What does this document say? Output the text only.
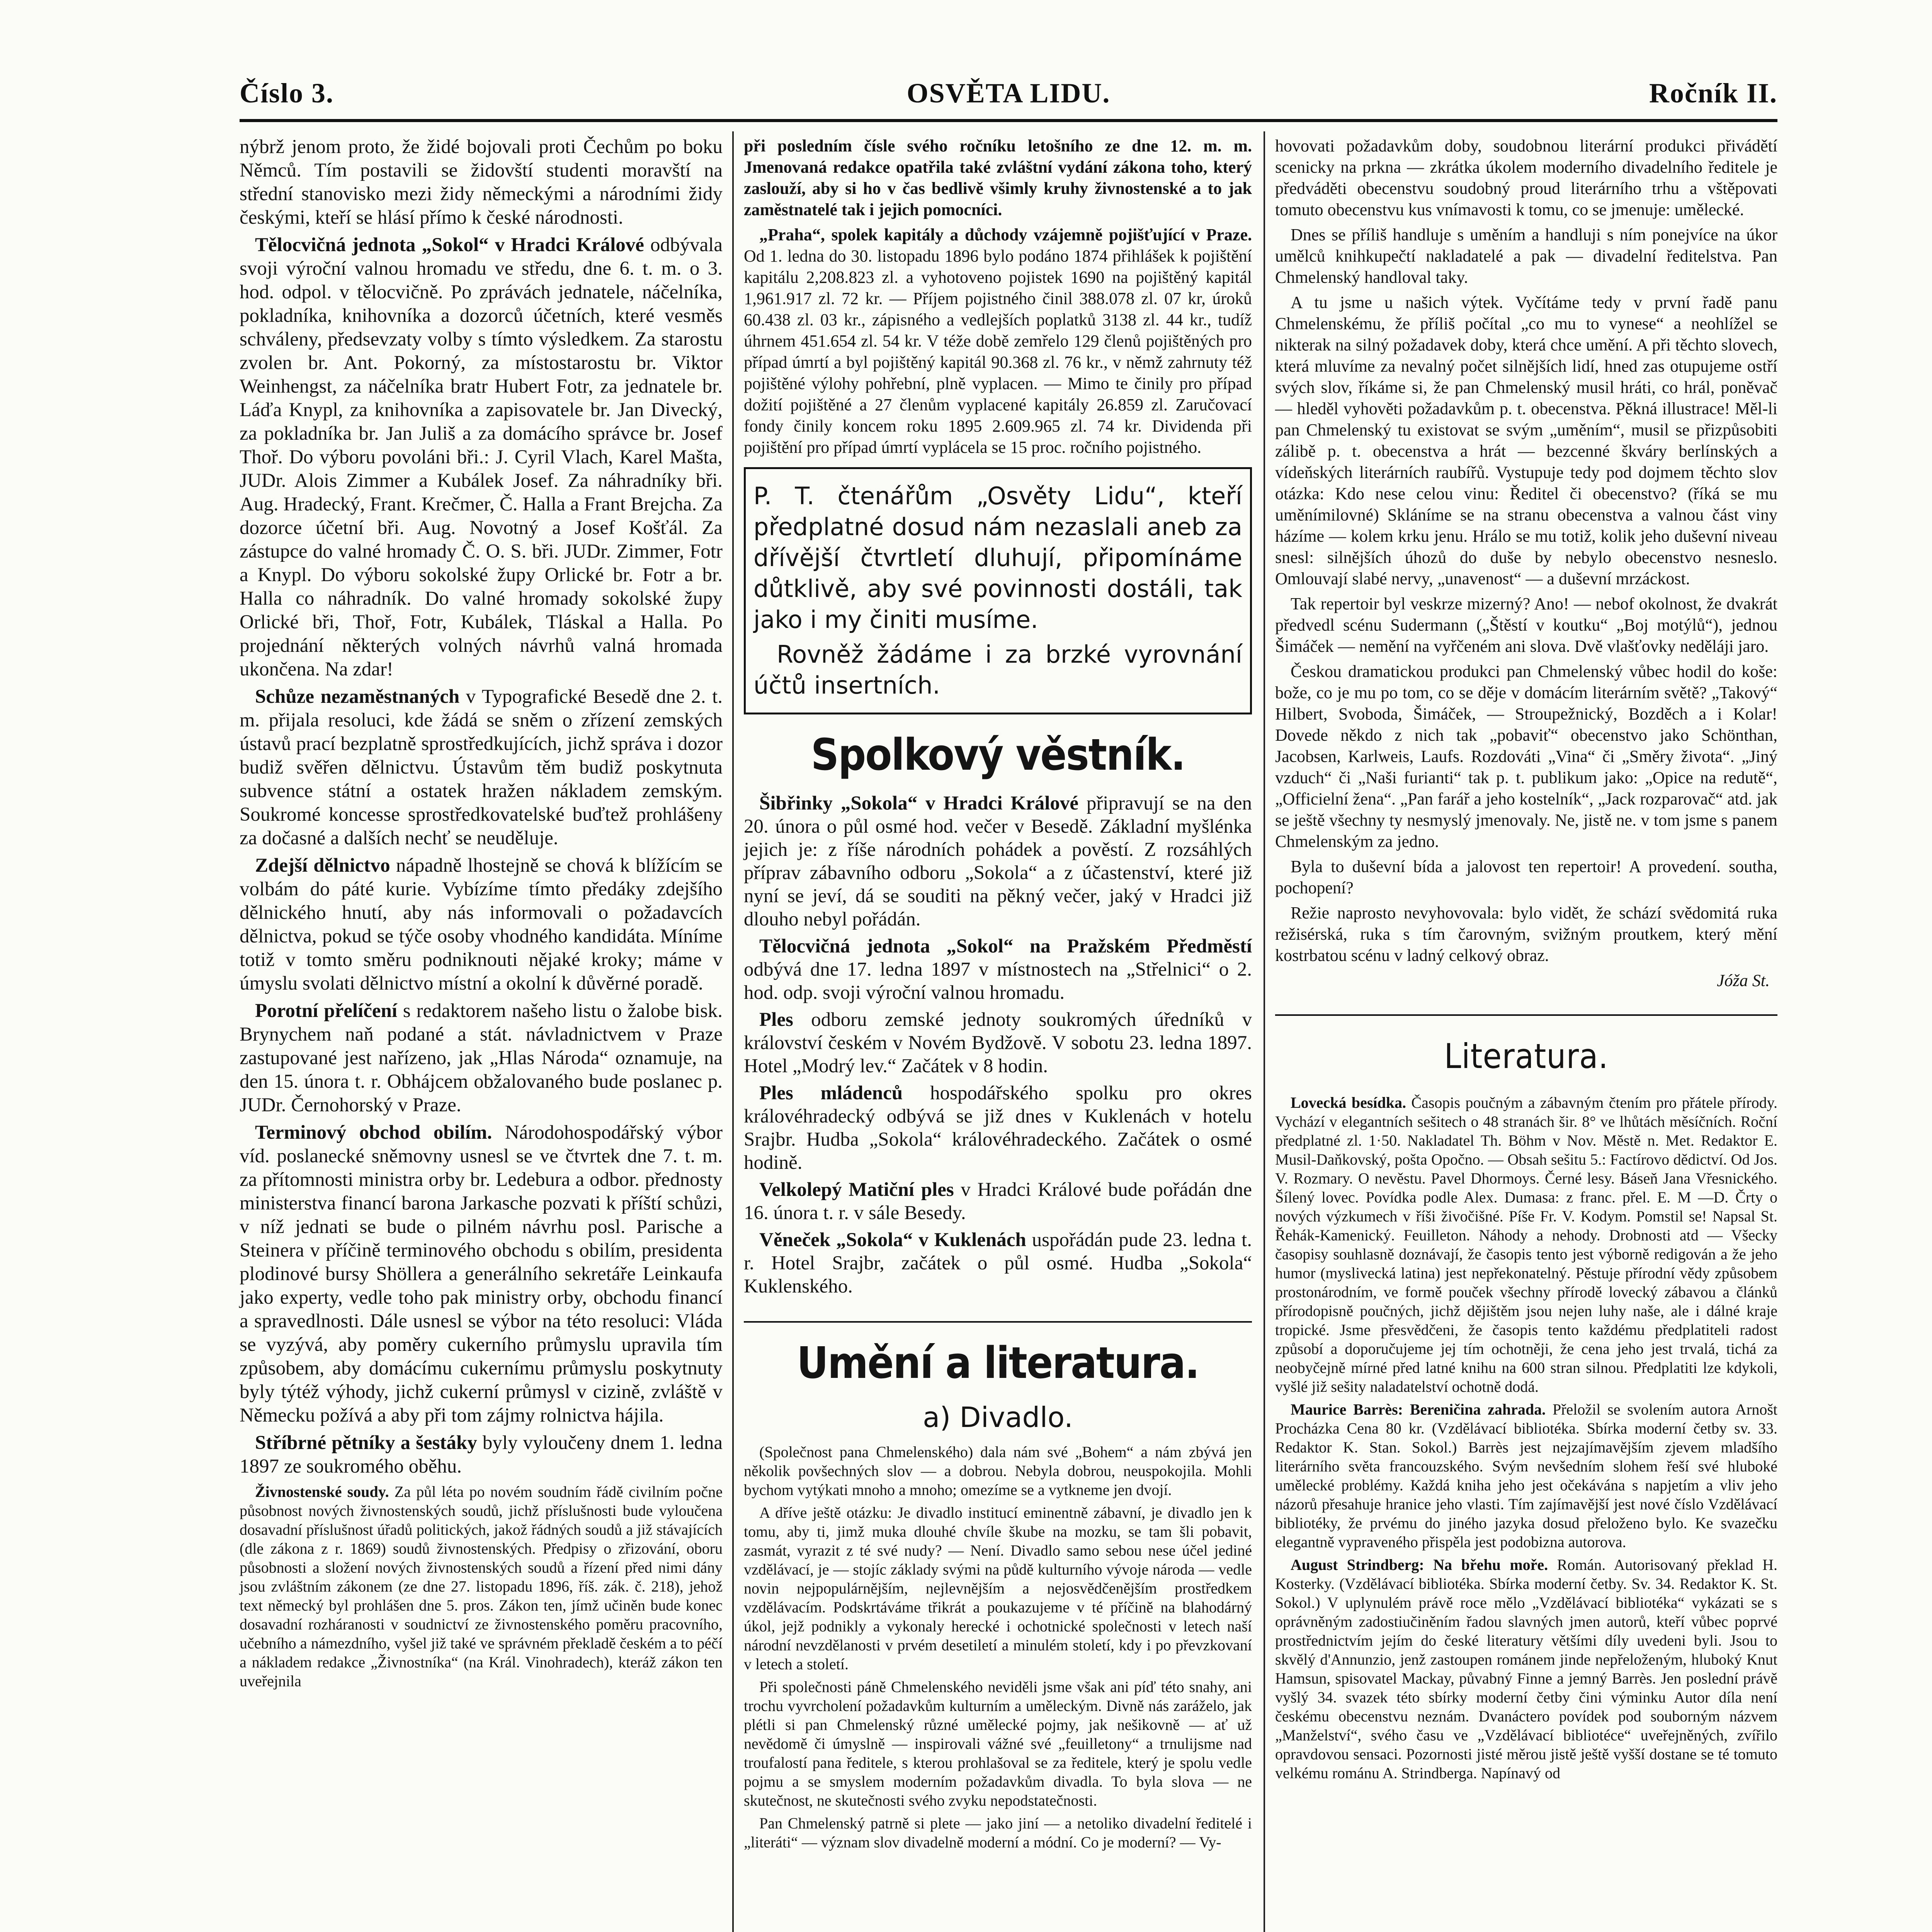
Číslo 3.	OSVĚTA LIDU.	Ročník II.

nýbrž jenom proto, že židé bojovali proti Čechům po boku Němců. Tím postavili se židovští studenti moravští na střední stanovisko mezi židy německými a národními židy českými, kteří se hlásí přímo k české národnosti.

Tělocvičná jednota „Sokol“ v Hradci Králové odbývala svoji výroční valnou hromadu ve středu, dne 6. t. m. o 3. hod. odpol. v tělocvičně. Po zprávách jednatele, náčelníka, pokladníka, knihovníka a dozorců účetních, které vesměs schváleny, předsevzaty volby s tímto výsledkem. Za starostu zvolen br. Ant. Pokorný, za místostarostu br. Viktor Weinhengst, za náčelníka bratr Hubert Fotr, za jednatele br. Láďa Knypl, za knihovníka a zapisovatele br. Jan Divecký, za pokladníka br. Jan Juliš a za domácího správce br. Josef Thoř. Do výboru povoláni bři.: J. Cyril Vlach, Karel Mašta, JUDr. Alois Zimmer a Kubálek Josef. Za náhradníky bři. Aug. Hradecký, Frant. Krečmer, Č. Halla a Frant Brejcha. Za dozorce účetní bři. Aug. Novotný a Josef Košťál. Za zástupce do valné hromady Č. O. S. bři. JUDr. Zimmer, Fotr a Knypl. Do výboru sokolské župy Orlické br. Fotr a br. Halla co náhradník. Do valné hromady sokolské župy Orlické bři, Thoř, Fotr, Kubálek, Tláskal a Halla. Po projednání některých volných návrhů valná hromada ukončena. Na zdar!

Schůze nezaměstnaných v Typografické Besedě dne 2. t. m. přijala resoluci, kde žádá se sněm o zřízení zemských ústavů prací bezplatně sprostředkujících, jichž správa i dozor budiž svěřen dělnictvu. Ústavům těm budiž poskytnuta subvence státní a ostatek hražen nákladem zemským. Soukromé koncesse sprostředkovatelské buďtež prohlášeny za dočasné a dalších nechť se neuděluje.

Zdejší dělnictvo nápadně lhostejně se chová k blížícím se volbám do páté kurie. Vybízíme tímto předáky zdejšího dělnického hnutí, aby nás informovali o požadavcích dělnictva, pokud se týče osoby vhodného kandidáta. Míníme totiž v tomto směru podniknouti nějaké kroky; máme v úmyslu svolati dělnictvo místní a okolní k důvěrné poradě.

Porotní přelíčení s redaktorem našeho listu o žalobe bisk. Brynychem naň podané a stát. návladnictvem v Praze zastupované jest nařízeno, jak „Hlas Národa“ oznamuje, na den 15. února t. r. Obhájcem obžalovaného bude poslanec p. JUDr. Černohorský v Praze.

Terminový obchod obilím. Národohospodářský výbor víd. poslanecké sněmovny usnesl se ve čtvrtek dne 7. t. m. za přítomnosti ministra orby br. Ledebura a odbor. přednosty ministerstva financí barona Jarkasche pozvati k příští schůzi, v níž jednati se bude o pilném návrhu posl. Parische a Steinera v příčině terminového obchodu s obilím, presidenta plodinové bursy Shöllera a generálního sekretáře Leinkaufa jako experty, vedle toho pak ministry orby, obchodu financí a spravedlnosti. Dále usnesl se výbor na této resoluci: Vláda se vyzývá, aby poměry cukerního průmyslu upravila tím způsobem, aby domácímu cukernímu průmyslu poskytnuty byly týtéž výhody, jichž cukerní průmysl v cizině, zvláště v Německu požívá a aby při tom zájmy rolnictva hájila.

Stříbrné pětníky a šestáky byly vyloučeny dnem 1. ledna 1897 ze soukromého oběhu.

Živnostenské soudy. Za půl léta po novém soudním řádě civilním počne působnost nových živnostenských soudů, jichž příslušnosti bude vyloučena dosavadní příslušnost úřadů politických, jakož řádných soudů a již stávajících (dle zákona z r. 1869) soudů živnostenských. Předpisy o zřizování, oboru působnosti a složení nových živnostenských soudů a řízení před nimi dány jsou zvláštním zákonem (ze dne 27. listopadu 1896, říš. zák. č. 218), jehož text německý byl prohlášen dne 5. pros. Zákon ten, jímž učiněn bude konec dosavadní rozháranosti v soudnictví ze živnostenského poměru pracovního, učebního a námezdního, vyšel již také ve správném překladě českém a to péčí a nákladem redakce „Živnostníka“ (na Král. Vinohradech), kteráž zákon ten uveřejnila

při posledním čísle svého ročníku letošního ze dne 12. m. m. Jmenovaná redakce opatřila také zvláštní vydání zákona toho, který zaslouží, aby si ho v čas bedlivě všimly kruhy živnostenské a to jak zaměstnatelé tak i jejich pomocníci.

„Praha“, spolek kapitály a důchody vzájemně pojišťující v Praze. Od 1. ledna do 30. listopadu 1896 bylo podáno 1874 přihlášek k pojištění kapitálu 2,208.823 zl. a vyhotoveno pojistek 1690 na pojištěný kapitál 1,961.917 zl. 72 kr. — Příjem pojistného činil 388.078 zl. 07 kr, úroků 60.438 zl. 03 kr., zápisného a vedlejších poplatků 3138 zl. 44 kr., tudíž úhrnem 451.654 zl. 54 kr. V téže době zemřelo 129 členů pojištěných pro případ úmrtí a byl pojištěný kapitál 90.368 zl. 76 kr., v němž zahrnuty též pojištěné výlohy pohřební, plně vyplacen. — Mimo te činily pro případ dožití pojištěné a 27 členům vyplacené kapitály 26.859 zl. Zaručovací fondy činily koncem roku 1895 2.609.965 zl. 74 kr. Dividenda při pojištění pro případ úmrtí vyplácela se 15 proc. ročního pojistného.

P. T. čtenářům „Osvěty Lidu“, kteří předplatné dosud nám nezaslali aneb za dřívější čtvrtletí dluhují, připomínáme důtklivě, aby své povinnosti dostáli, tak jako i my činiti musíme.
Rovněž žádáme i za brzké vyrovnání účtů insertních.
Spolkový věstník.

Šibřinky „Sokola“ v Hradci Králové připravují se na den 20. února o půl osmé hod. večer v Besedě. Základní myšlénka jejich je: z říše národních pohádek a pověstí. Z rozsáhlých příprav zábavního odboru „Sokola“ a z účastenství, které již nyní se jeví, dá se souditi na pěkný večer, jaký v Hradci již dlouho nebyl pořádán.

Tělocvičná jednota „Sokol“ na Pražském Předměstí odbývá dne 17. ledna 1897 v místnostech na „Střelnici“ o 2. hod. odp. svoji výroční valnou hromadu.

Ples odboru zemské jednoty soukromých úředníků v království českém v Novém Bydžově. V sobotu 23. ledna 1897. Hotel „Modrý lev.“ Začátek v 8 hodin.

Ples mládenců hospodářského spolku pro okres královéhradecký odbývá se již dnes v Kuklenách v hotelu Srajbr. Hudba „Sokola“ královéhradeckého. Začátek o osmé hodině.

Velkolepý Matiční ples v Hradci Králové bude pořádán dne 16. února t. r. v sále Besedy.

Věneček „Sokola“ v Kuklenách uspořádán pude 23. ledna t. r. Hotel Srajbr, začátek o půl osmé. Hudba „Sokola“ Kuklenského.

Umění a literatura.
a) Divadlo.

(Společnost pana Chmelenského) dala nám své „Bohem“ a nám zbývá jen několik povšechných slov — a dobrou. Nebyla dobrou, neuspokojila. Mohli bychom vytýkati mnoho a mnoho; omezíme se a vytkneme jen dvojí.

A dříve ještě otázku: Je divadlo institucí eminentně zábavní, je divadlo jen k tomu, aby ti, jimž muka dlouhé chvíle škube na mozku, se tam šli pobavit, zasmát, vyrazit z té své nudy? — Není. Divadlo samo sebou nese účel jediné vzdělávací, je — stojíc základy svými na půdě kulturního vývoje národa — vedle novin nejpopulárnějším, nejlevnějším a nejosvědčenějším prostředkem vzdělávacím. Podskrtáváme třikrát a poukazujeme v té příčině na blahodárný úkol, jejž podnikly a vykonaly herecké i ochotnické společnosti v letech naší národní nevzdělanosti v prvém desetiletí a minulém století, kdy i po převzkovaní v letech a století.

Při společnosti páně Chmelenského neviděli jsme však ani píď této snahy, ani trochu vyvrcholení požadavkům kulturním a uměleckým. Divně nás zaráželo, jak plétli si pan Chmelenský různé umělecké pojmy, jak nešikovně — ať už nevědomě či úmyslně — inspirovali vážné své „feuilletony“ a trnulijsme nad troufalostí pana ředitele, s kterou prohlašoval se za ředitele, který je spolu vedle pojmu a se smyslem moderním požadavkům divadla. To byla slova — ne skutečnost, ne skutečnosti svého zvyku nepodstatečnosti.

Pan Chmelenský patrně si plete — jako jiní — a netoliko divadelní ředitelé i „literáti“ — význam slov divadelně moderní a módní. Co je moderní? — Vy-

hovovati požadavkům doby, soudobnou literární produkci přivádětí scenicky na prkna — zkrátka úkolem moderního divadelního ředitele je předváděti obecenstvu soudobný proud literárního trhu a vštěpovati tomuto obecenstvu kus vnímavosti k tomu, co se jmenuje: umělecké.

Dnes se příliš handluje s uměním a handluji s ním ponejvíce na úkor umělců knihkupečtí nakladatelé a pak — divadelní ředitelstva. Pan Chmelenský handloval taky.

A tu jsme u našich výtek. Vyčítáme tedy v první řadě panu Chmelenskému, že příliš počítal „co mu to vynese“ a neohlížel se nikterak na silný požadavek doby, která chce umění. A při těchto slovech, která mluvíme za nevalný počet silnějších lidí, hned zas otupujeme ostří svých slov, říkáme si, že pan Chmelenský musil hráti, co hrál, poněvač — hleděl vyhověti požadavkům p. t. obecenstva. Pěkná illustrace! Měl-li pan Chmelenský tu existovat se svým „uměním“, musil se přizpůsobiti zálibě p. t. obecenstva a hrát — bezcenné škváry berlínských a vídeňských literárních raubířů. Vystupuje tedy pod dojmem těchto slov otázka: Kdo nese celou vinu: Ředitel či obecenstvo? (říká se mu uměnímilovné) Skláníme se na stranu obecenstva a valnou část viny házíme — kolem krku jenu. Hrálo se mu totiž, kolik jeho duševní niveau snesl: silnějších úhozů do duše by nebylo obecenstvo nesneslo. Omlouvají slabé nervy, „unavenost“ — a duševní mrzáckost.

Tak repertoir byl veskrze mizerný? Ano! — nebof okolnost, že dvakrát předvedl scénu Sudermann („Štěstí v koutku“ „Boj motýlů“), jednou Šimáček — nemění na vyřčeném ani slova. Dvě vlašťovky neděláji jaro.

Českou dramatickou produkci pan Chmelenský vůbec hodil do koše: bože, co je mu po tom, co se děje v domácím literárním světě? „Takový“ Hilbert, Svoboda, Šimáček, — Stroupežnický, Bozděch a i Kolar! Dovede někdo z nich tak „pobaviť“ obecenstvo jako Schönthan, Jacobsen, Karlweis, Laufs. Rozdováti „Vina“ či „Směry života“. „Jiný vzduch“ či „Naši furianti“ tak p. t. publikum jako: „Opice na redutě“, „Officielní žena“. „Pan farář a jeho kostelník“, „Jack rozparovač“ atd. jak se ještě všechny ty nesmyslý jmenovaly. Ne, jistě ne. v tom jsme s panem Chmelenským za jedno.

Byla to duševní bída a jalovost ten repertoir! A provedení. southa, pochopení?

Režie naprosto nevyhovovala: bylo vidět, že schází svědomitá ruka režisérská, ruka s tím čarovným, svižným proutkem, který mění kostrbatou scénu v ladný celkový obraz.

Jóža St.
Literatura.

Lovecká besídka. Časopis poučným a zábavným čtením pro přátele přírody. Vychází v elegantních sešitech o 48 stranách šir. 8° ve lhůtách měsíčních. Roční předplatné zl. 1·50. Nakladatel Th. Böhm v Nov. Městě n. Met. Redaktor E. Musil-Daňkovský, pošta Opočno. — Obsah sešitu 5.: Factírovo dědictví. Od Jos. V. Rozmary. O nevěstu. Pavel Dhormoys. Černé lesy. Báseň Jana Vřesnického. Šílený lovec. Povídka podle Alex. Dumasa: z franc. přel. E. M —D. Črty o nových výzkumech v říši živočišné. Píše Fr. V. Kodym. Pomstil se! Napsal St. Řehák-Kamenický. Feuilleton. Náhody a nehody. Drobnosti atd — Všecky časopisy souhlasně doznávají, že časopis tento jest výborně redigován a že jeho humor (myslivecká latina) jest nepřekonatelný. Pěstuje přírodní vědy způsobem prostonárodním, ve formě pouček všechny přírodě lovecký zábavou a článků přírodopisně poučných, jichž dějištěm jsou nejen luhy naše, ale i dálné kraje tropické. Jsme přesvědčeni, že časopis tento každému předplatiteli radost způsobí a doporučujeme jej tím ochotněji, že cena jeho jest trvalá, tichá za neobyčejně mírné před latné knihu na 600 stran silnou. Předplatiti lze kdykoli, vyšlé již sešity naladatelství ochotně dodá.

Maurice Barrès: Bereničina zahrada. Přeložil se svolením autora Arnošt Procházka Cena 80 kr. (Vzdělávací bibliotéka. Sbírka moderní četby sv. 33. Redaktor K. Stan. Sokol.) Barrès jest nejzajímavějším zjevem mladšího literárního světa francouzského. Svým nevšedním slohem řeší své hluboké umělecké problémy. Každá kniha jeho jest očekávána s napjetím a vliv jeho názorů přesahuje hranice jeho vlasti. Tím zajímavější jest nové číslo Vzdělávací bibliotéky, že prvému do jiného jazyka dosud přeloženo bylo. Ke svazečku elegantně vypraveného přispěla jest podobizna autorova.

August Strindberg: Na břehu moře. Román. Autorisovaný překlad H. Kosterky. (Vzdělávací bibliotéka. Sbírka moderní četby. Sv. 34. Redaktor K. St. Sokol.) V uplynulém právě roce mělo „Vzdělávací bibliotéka“ vykázati se s oprávněným zadostiučiněním řadou slavných jmen autorů, kteří vůbec poprvé prostřednictvím jejím do české literatury většími díly uvedeni byli. Jsou to skvělý d'Annunzio, jenž zastoupen románem jinde nepřeloženým, hluboký Knut Hamsun, spisovatel Mackay, půvabný Finne a jemný Barrès. Jen poslední právě vyšlý 34. svazek této sbírky moderní četby čini výminku Autor díla není českému obecenstvu neznám. Dvanáctero povídek pod souborným názvem „Manželství“, svého času ve „Vzdělávací bibliotéce“ uveřejněných, zvířilo opravdovou sensaci. Pozornosti jisté měrou jistě ještě vyšší dostane se té tomuto velkému románu A. Strindberga. Napínavý od
